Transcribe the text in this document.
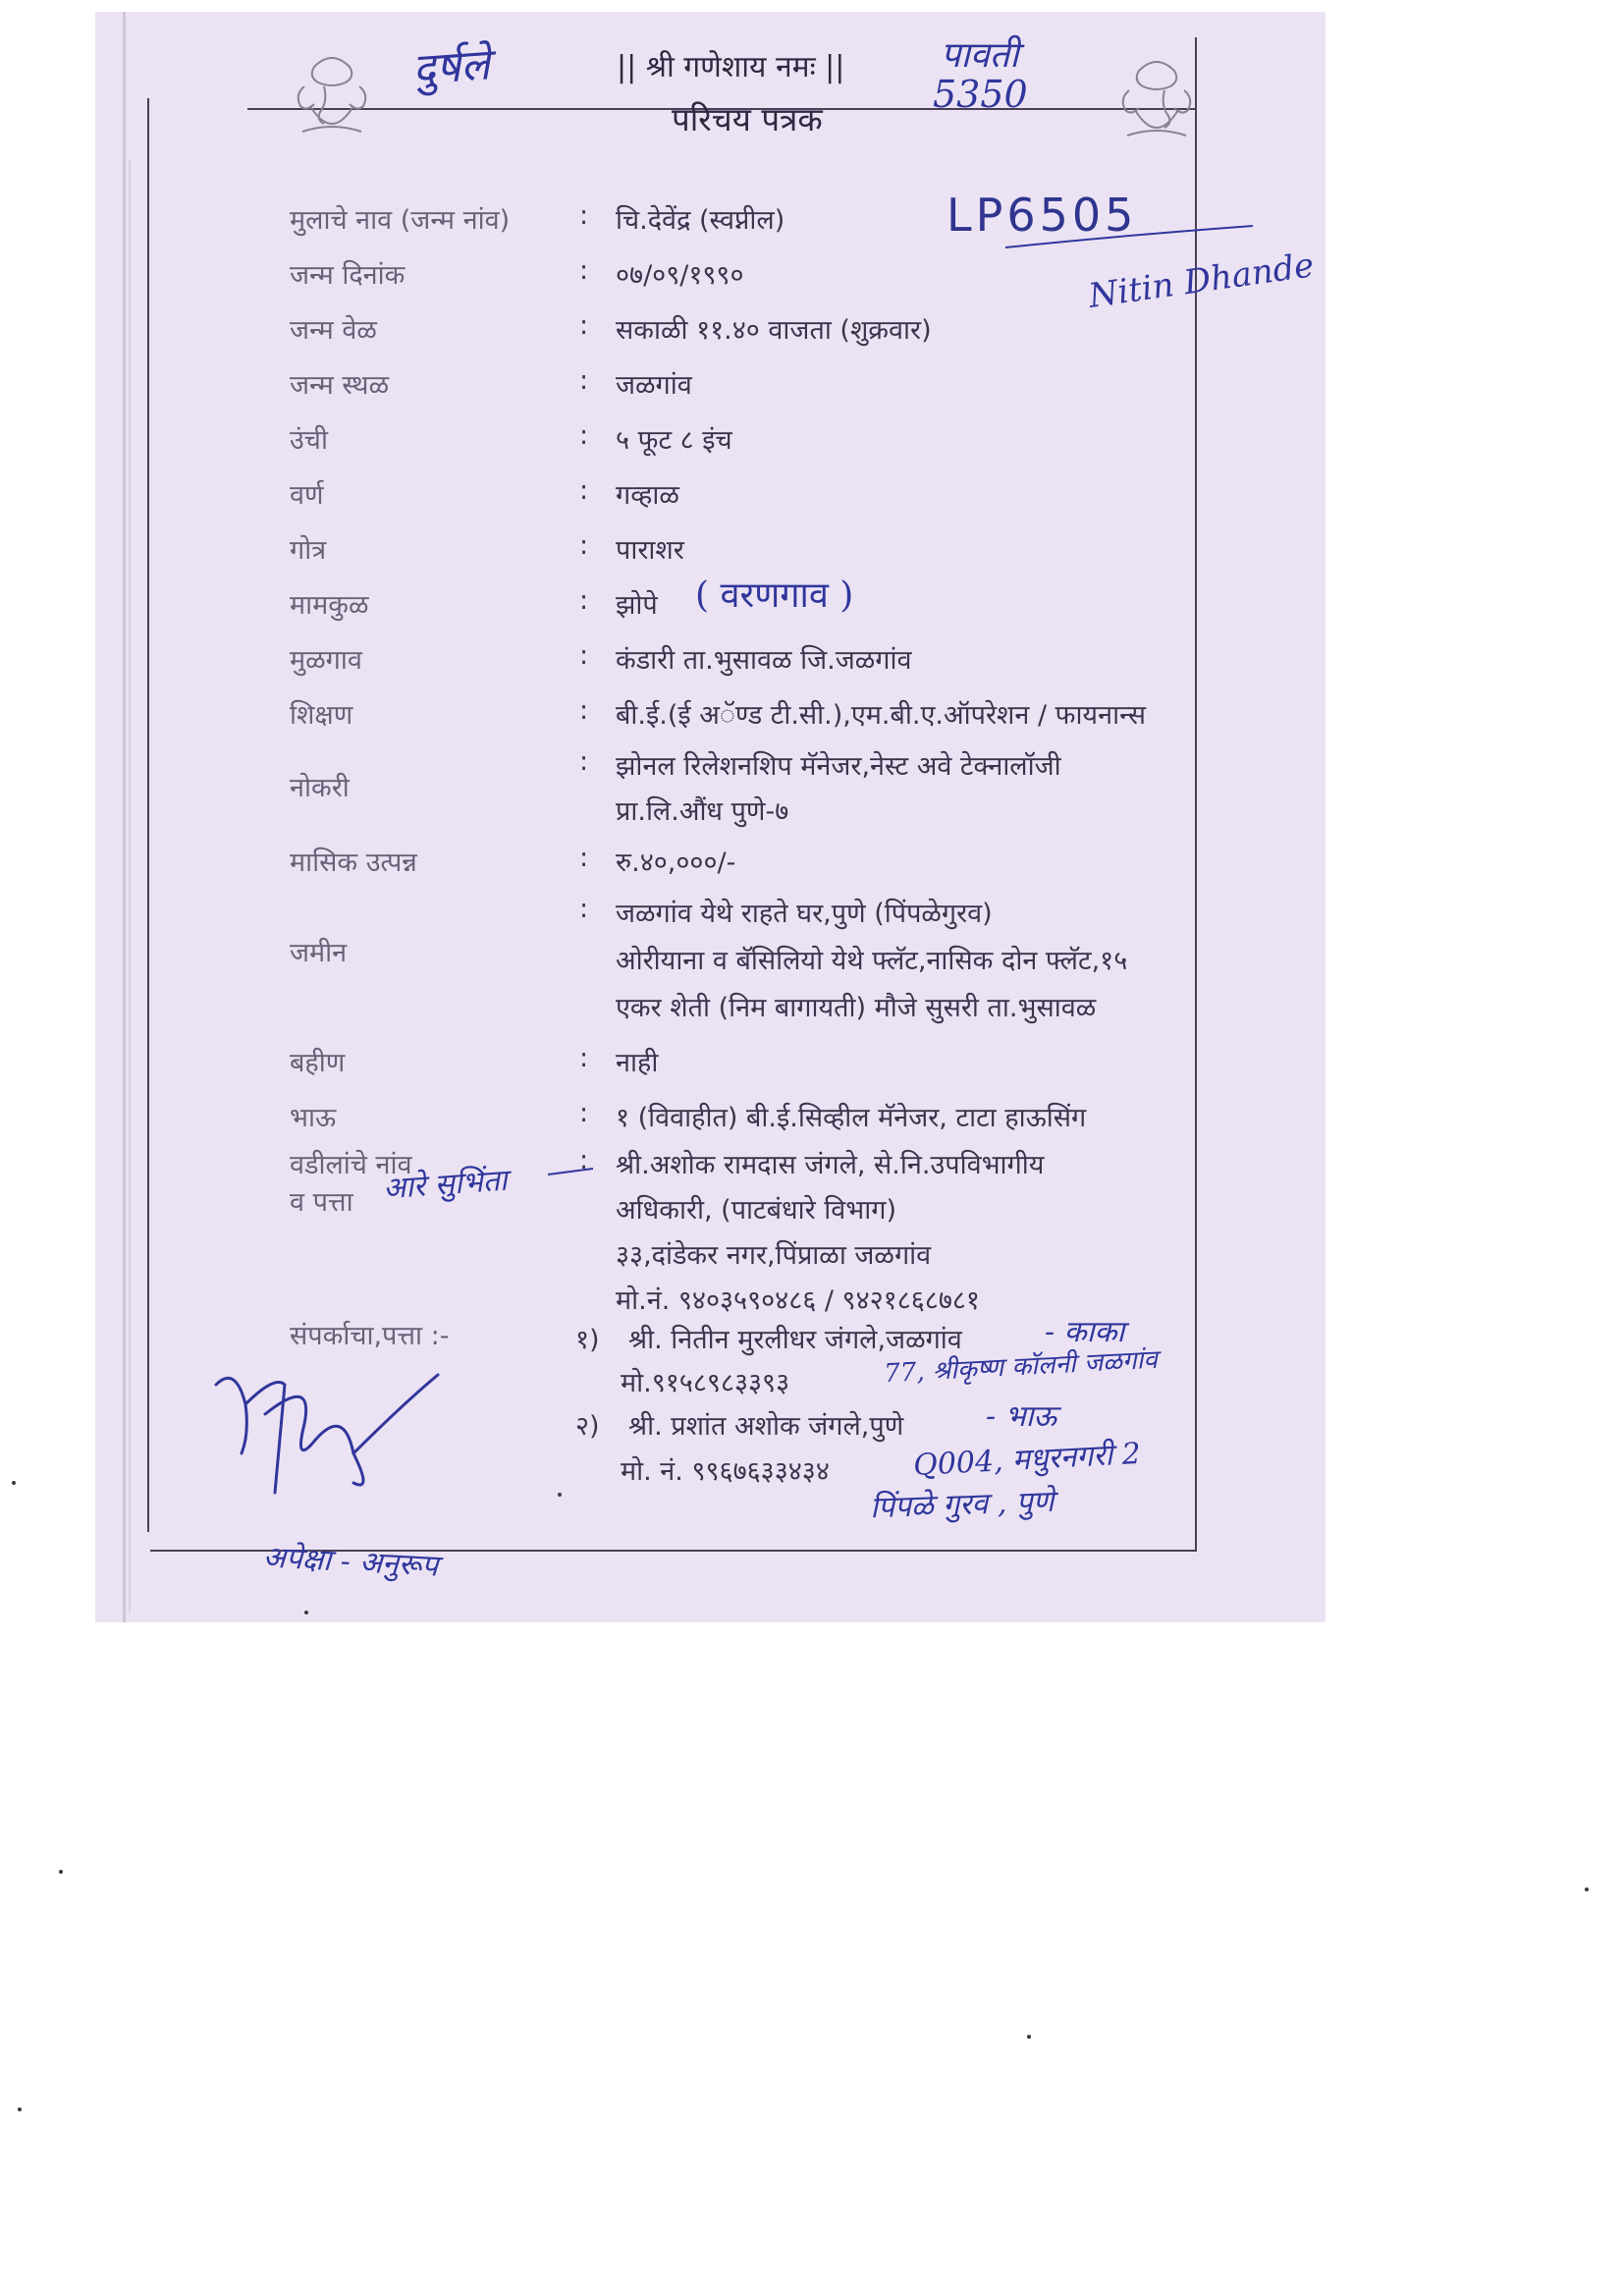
|| श्री गणेशाय नमः ||
परिचय पत्रक
मुलाचे नाव (जन्म नांव)	: चि.देवेंद्र (स्वप्नील)
जन्म दिनांक	: ०७/०९/१९९०
जन्म वेळ	: सकाळी ११.४० वाजता (शुक्रवार)
जन्म स्थळ	: जळगांव
उंची	: ५ फूट ८ इंच
वर्ण	: गव्हाळ
गोत्र	: पाराशर
मामकुळ	: झोपे
मुळगाव	: कंडारी ता.भुसावळ जि.जळगांव
शिक्षण	: बी.ई.(ई अॅण्ड टी.सी.),एम.बी.ए.ऑपरेशन / फायनान्स
नोकरी
: झोनल रिलेशनशिप मॅनेजर,नेस्ट अवे टेक्नालॉजी
प्रा.लि.औंध पुणे-७
मासिक उत्पन्न	: रु.४०,०००/-
जमीन
: जळगांव येथे राहते घर,पुणे (पिंपळेगुरव)
ओरीयाना व बॅसिलियो येथे फ्लॅट,नासिक दोन फ्लॅट,१५
एकर शेती (निम बागायती) मौजे सुसरी ता.भुसावळ
बहीण	: नाही
भाऊ	: १ (विवाहीत) बी.ई.सिव्हील मॅनेजर, टाटा हाऊसिंग
वडीलांचे नांव
व पत्ता
: श्री.अशोक रामदास जंगले, से.नि.उपविभागीय
अधिकारी, (पाटबंधारे विभाग)
३३,दांडेकर नगर,पिंप्राळा जळगांव
मो.नं. ९४०३५९०४८६ / ९४२१८६८७८१
संपर्काचा,पत्ता :-	१) श्री. नितीन मुरलीधर जंगले,जळगांव
मो.९१५८९८३३९३
२) श्री. प्रशांत अशोक जंगले,पुणे
मो. नं. ९९६७६३३४३४
दुर्षले	पावती
5350
LP6505
Nitin Dhande
( वरणगाव )
आरे सुभिंता
- काका
77, श्रीकृष्ण कॉलनी जळगांव
- भाऊ
Q004, मधुरनगरी 2
पिंपळे गुरव , पुणे
अपेक्षा - अनुरूप
